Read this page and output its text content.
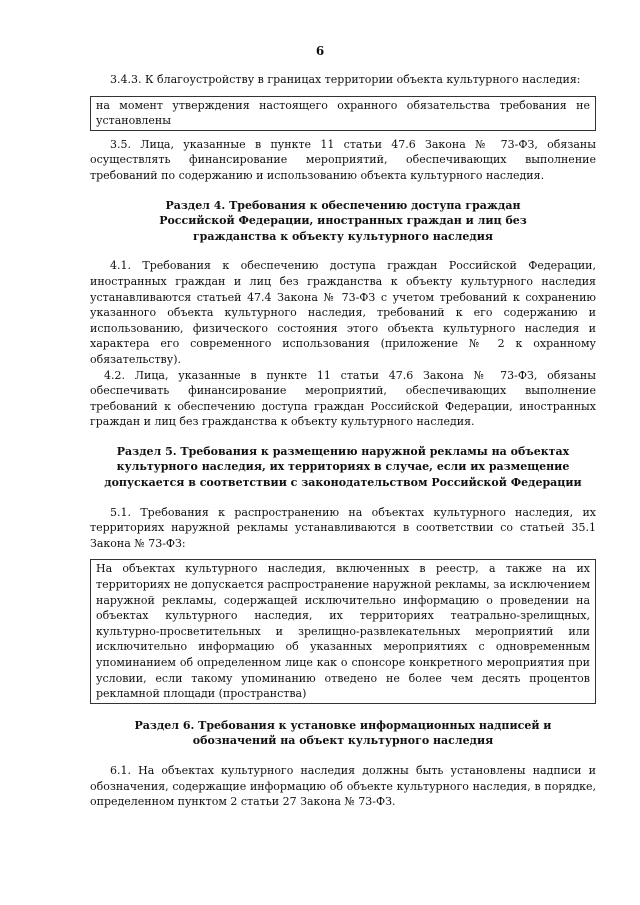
6

3.4.3. К благоустройству в границах территории объекта культурного наследия:

на момент утверждения настоящего охранного обязательства требования не установлены

3.5. Лица, указанные в пункте 11 статьи 47.6 Закона № 73-ФЗ, обязаны осуществлять финансирование мероприятий, обеспечивающих выполнение требований по содержанию и использованию объекта культурного наследия.

Раздел 4. Требования к обеспечению доступа граждан Российской Федерации, иностранных граждан и лиц без гражданства к объекту культурного наследия

4.1. Требования к обеспечению доступа граждан Российской Федерации, иностранных граждан и лиц без гражданства к объекту культурного наследия устанавливаются статьей 47.4 Закона № 73-ФЗ с учетом требований к сохранению указанного объекта культурного наследия, требований к его содержанию и использованию, физического состояния этого объекта культурного наследия и характера его современного использования (приложение № 2 к охранному обязательству).

4.2. Лица, указанные в пункте 11 статьи 47.6 Закона № 73-ФЗ, обязаны обеспечивать финансирование мероприятий, обеспечивающих выполнение требований к обеспечению доступа граждан Российской Федерации, иностранных граждан и лиц без гражданства к объекту культурного наследия.

Раздел 5. Требования к размещению наружной рекламы на объектах культурного наследия, их территориях в случае, если их размещение допускается в соответствии с законодательством Российской Федерации

5.1. Требования к распространению на объектах культурного наследия, их территориях наружной рекламы устанавливаются в соответствии со статьей 35.1 Закона № 73-ФЗ:

На объектах культурного наследия, включенных в реестр, а также на их территориях не допускается распространение наружной рекламы, за исключением наружной рекламы, содержащей исключительно информацию о проведении на объектах культурного наследия, их территориях театрально-зрелищных, культурно-просветительных и зрелищно-развлекательных мероприятий или исключительно информацию об указанных мероприятиях с одновременным упоминанием об определенном лице как о спонсоре конкретного мероприятия при условии, если такому упоминанию отведено не более чем десять процентов рекламной площади (пространства)

Раздел 6. Требования к установке информационных надписей и обозначений на объект культурного наследия

6.1. На объектах культурного наследия должны быть установлены надписи и обозначения, содержащие информацию об объекте культурного наследия, в порядке, определенном пунктом 2 статьи 27 Закона № 73-ФЗ.
